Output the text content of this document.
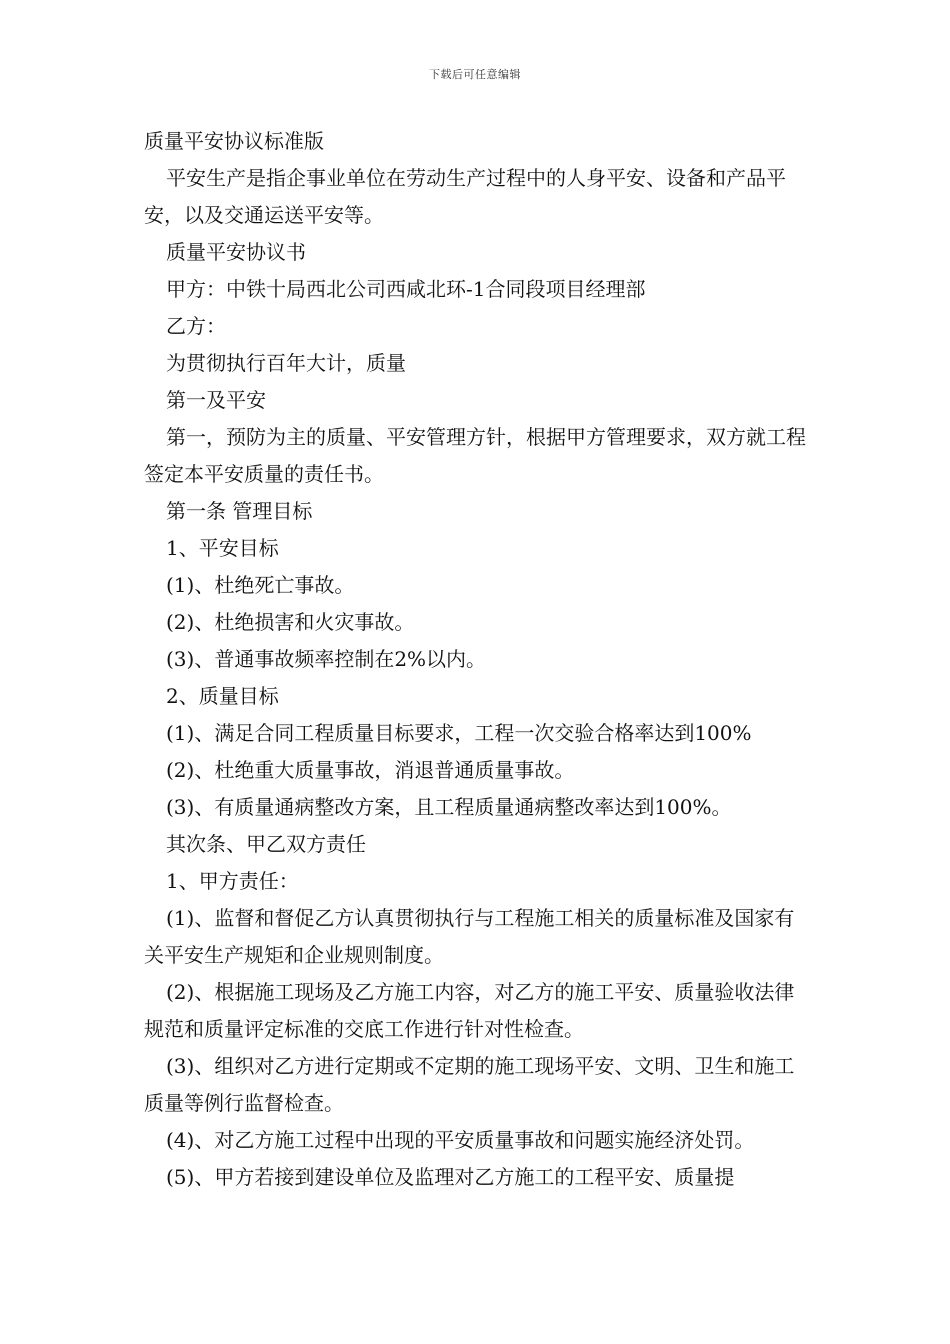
下载后可任意编辑
质量平安协议标准版
平安生产是指企事业单位在劳动生产过程中的人身平安、设备和产品平安，以及交通运送平安等。
质量平安协议书
甲方：中铁十局西北公司西咸北环-1合同段项目经理部
乙方：
为贯彻执行百年大计，质量
第一及平安
第一，预防为主的质量、平安管理方针，根据甲方管理要求，双方就工程签定本平安质量的责任书。
第一条 管理目标
1、平安目标
(1)、杜绝死亡事故。
(2)、杜绝损害和火灾事故。
(3)、普通事故频率控制在2%以内。
2、质量目标
(1)、满足合同工程质量目标要求，工程一次交验合格率达到100%
(2)、杜绝重大质量事故，消退普通质量事故。
(3)、有质量通病整改方案，且工程质量通病整改率达到100%。
其次条、甲乙双方责任
1、甲方责任：
(1)、监督和督促乙方认真贯彻执行与工程施工相关的质量标准及国家有关平安生产规矩和企业规则制度。
(2)、根据施工现场及乙方施工内容，对乙方的施工平安、质量验收法律规范和质量评定标准的交底工作进行针对性检查。
(3)、组织对乙方进行定期或不定期的施工现场平安、文明、卫生和施工质量等例行监督检查。
(4)、对乙方施工过程中出现的平安质量事故和问题实施经济处罚。
(5)、甲方若接到建设单位及监理对乙方施工的工程平安、质量提
